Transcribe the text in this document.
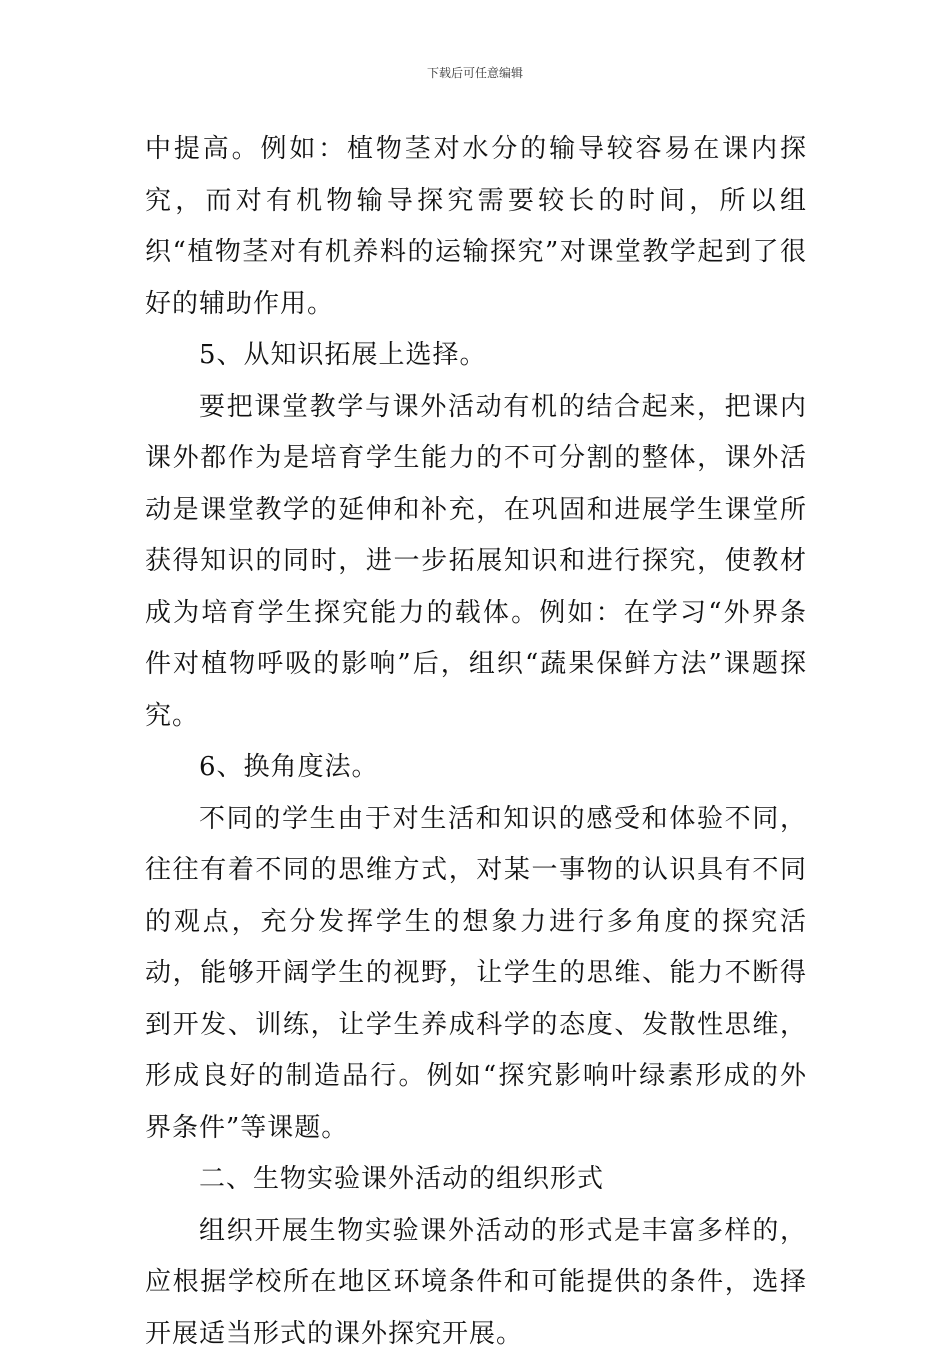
下载后可任意编辑

中提高。例如：植物茎对水分的输导较容易在课内探究，而对有机物输导探究需要较长的时间，所以组织“植物茎对有机养料的运输探究”对课堂教学起到了很好的辅助作用。

5、从知识拓展上选择。

要把课堂教学与课外活动有机的结合起来，把课内课外都作为是培育学生能力的不可分割的整体，课外活动是课堂教学的延伸和补充，在巩固和进展学生课堂所获得知识的同时，进一步拓展知识和进行探究，使教材成为培育学生探究能力的载体。例如：在学习“外界条件对植物呼吸的影响”后，组织“蔬果保鲜方法”课题探究。

6、换角度法。

不同的学生由于对生活和知识的感受和体验不同，往往有着不同的思维方式，对某一事物的认识具有不同的观点，充分发挥学生的想象力进行多角度的探究活动，能够开阔学生的视野，让学生的思维、能力不断得到开发、训练，让学生养成科学的态度、发散性思维，形成良好的制造品行。例如“探究影响叶绿素形成的外界条件”等课题。

二、生物实验课外活动的组织形式

组织开展生物实验课外活动的形式是丰富多样的，应根据学校所在地区环境条件和可能提供的条件，选择开展适当形式的课外探究开展。
